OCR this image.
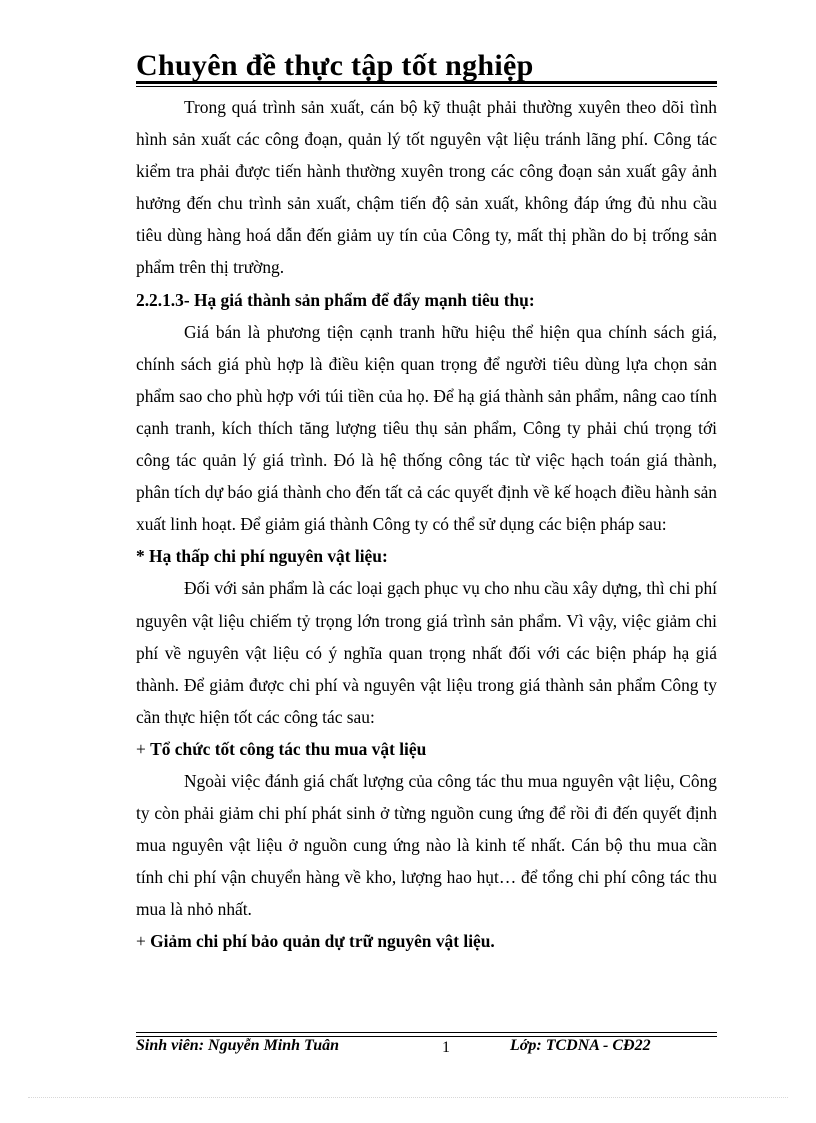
Chuyên đề thực tập tốt nghiệp

Trong quá trình sản xuất, cán bộ kỹ thuật phải thường xuyên theo dõi tình hình sản xuất các công đoạn, quản lý tốt nguyên vật liệu tránh lãng phí. Công tác kiểm tra phải được tiến hành thường xuyên trong các công đoạn sản xuất gây ảnh hưởng đến chu trình sản xuất, chậm tiến độ sản xuất, không đáp ứng đủ nhu cầu tiêu dùng hàng hoá dẫn đến giảm uy tín của Công ty, mất thị phần do bị trống sản phẩm trên thị trường.

2.2.1.3- Hạ giá thành sản phẩm để đẩy mạnh tiêu thụ:

Giá bán là phương tiện cạnh tranh hữu hiệu thể hiện qua chính sách giá, chính sách giá phù hợp là điều kiện quan trọng để người tiêu dùng lựa chọn sản phẩm sao cho phù hợp với túi tiền của họ. Để hạ giá thành sản phẩm, nâng cao tính cạnh tranh, kích thích tăng lượng tiêu thụ sản phẩm, Công ty phải chú trọng tới công tác quản lý giá trình. Đó là hệ thống công tác từ việc hạch toán giá thành, phân tích dự báo giá thành cho đến tất cả các quyết định về kế hoạch điều hành sản xuất linh hoạt. Để giảm giá thành Công ty có thể sử dụng các biện pháp sau:

* Hạ thấp chi phí nguyên vật liệu:

Đối với sản phẩm là các loại gạch phục vụ cho nhu cầu xây dựng, thì chi phí nguyên vật liệu chiếm tỷ trọng lớn trong giá trình sản phẩm. Vì vậy, việc giảm chi phí về nguyên vật liệu có ý nghĩa quan trọng nhất đối với các biện pháp hạ giá thành. Để giảm được chi phí và nguyên vật liệu trong giá thành sản phẩm Công ty cần thực hiện tốt các công tác sau:

+ Tổ chức tốt công tác thu mua vật liệu

Ngoài việc đánh giá chất lượng của công tác thu mua nguyên vật liệu, Công ty còn phải giảm chi phí phát sinh ở từng nguồn cung ứng để rồi đi đến quyết định mua nguyên vật liệu ở nguồn cung ứng nào là kinh tế nhất. Cán bộ thu mua cần tính chi phí vận chuyển hàng về kho, lượng hao hụt… để tổng chi phí công tác thu mua là nhỏ nhất.

+ Giảm chi phí bảo quản dự trữ nguyên vật liệu.

Sinh viên: Nguyễn Minh Tuân	1	Lớp: TCDNA - CĐ22
